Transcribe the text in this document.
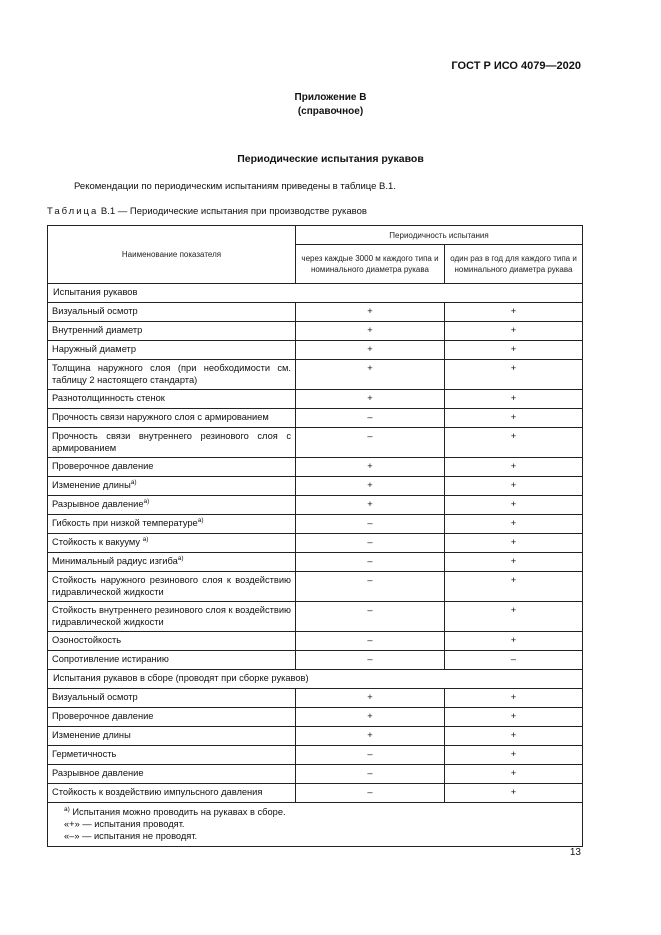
ГОСТ Р ИСО 4079—2020
Приложение В
(справочное)
Периодические испытания рукавов
Рекомендации по периодическим испытаниям приведены в таблице В.1.
Таблица В.1 — Периодические испытания при производстве рукавов
Наименование показателя	Периодичность испытания	
	через каждые 3000 м каждого типа и номинального диаметра рукава	один раз в год для каждого типа и номинального диаметра рукава
Испытания рукавов		
Визуальный осмотр	+	+
Внутренний диаметр	+	+
Наружный диаметр	+	+
Толщина наружного слоя (при необходимости см. таблицу 2 настоящего стандарта)	+	+
Разнотолщинность стенок	+	+
Прочность связи наружного слоя с армированием	–	+
Прочность связи внутреннего резинового слоя с армированием	–	+
Проверочное давление	+	+
Изменение длины$^{а)}$	+	+
Разрывное давление$^{а)}$	+	+
Гибкость при низкой температуре$^{а)}$	–	+
Стойкость к вакууму $^{а)}$	–	+
Минимальный радиус изгиба$^{а)}$	–	+
Стойкость наружного резинового слоя к воздействию гидравлической жидкости	–	+
Стойкость внутреннего резинового слоя к воздействию гидравлической жидкости	–	+
Озоностойкость	–	+
Сопротивление истиранию	–	–
Испытания рукавов в сборе (проводят при сборке рукавов)		
Визуальный осмотр	+	+
Проверочное давление	+	+
Изменение длины	+	+
Герметичность	–	+
Разрывное давление	–	+
Стойкость к воздействию импульсного давления	–	+

$^{а)}$ Испытания можно проводить на рукавах в сборе.
«+» — испытания проводят.
«–» — испытания не проводят.		
13
